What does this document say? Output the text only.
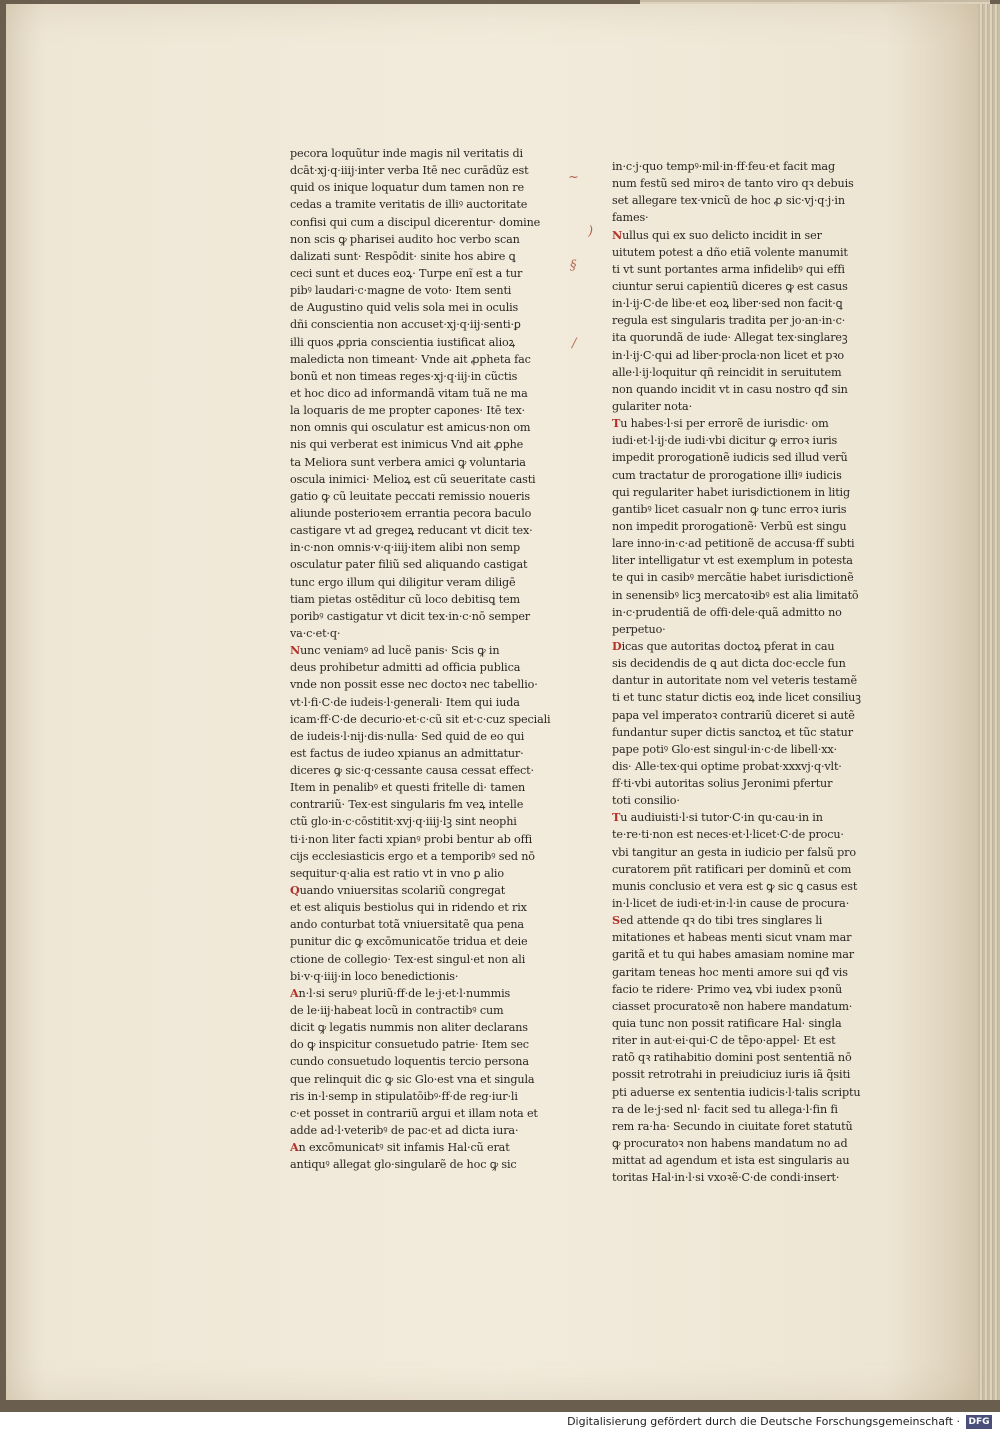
~
)
§
/
pecora loquũtur inde magis nil veritatis di
dcāt·xj·q·iiij·inter verba Itē nec curādũz est
quid os inique loquatur dum tamen non re
cedas a tramite veritatis de illiꝰ auctoritate
confisi qui cum a discipul dicerentur· domine
non scis ꝙ pharisei audito hoc verbo scan
dalizati sunt· Respōdit· sinite hos abire ꝗ
ceci sunt et duces eoꝝ· Turpe enĩ est a tur
pibꝰ laudari·c·magne de voto· Item senti
de Augustino quid velis sola mei in oculis
dñi conscientia non accuset·xj·q·iij·senti·ꝑ
illi quos ꝓpria conscientia iustificat alioꝝ
maledicta non timeant· Vnde ait ꝓpheta fac
bonũ et non timeas reges·xj·q·iij·in cũctis
et hoc dico ad informandã vitam tuã ne ma
la loquaris de me propter capones· Itē tex·
non omnis qui osculatur est amicus·non om
nis qui verberat est inimicus Vnd ait ꝓphe
ta Meliora sunt verbera amici ꝙ voluntaria
oscula inimici· Melioꝝ est cũ seueritate casti
gatio ꝙ cũ leuitate peccati remissio noueris
aliunde posterioꝛem errantia pecora baculo
castigare vt ad gregeꝝ reducant vt dicit tex·
in·c·non omnis·v·q·iiij·item alibi non semp
osculatur pater filiũ sed aliquando castigat
tunc ergo illum qui diligitur veram diligē
tiam pietas ostēditur cũ loco debitisꝗ tem
poribꝰ castigatur vt dicit tex·in·c·nō semper
va·c·et·q·
Nunc veniamꝰ ad lucẽ panis· Scis ꝙ in
deus prohibetur admitti ad officia publica
vnde non possit esse nec doctoꝛ nec tabellio·
vt·l·fi·C·de iudeis·l·generali· Item qui iuda
icam·ff·C·de decurio·et·c·cũ sit et·c·cuz speciali
de iudeis·l·nij·dis·nulla· Sed quid de eo qui
est factus de iudeo xpianus an admittatur·
diceres ꝙ sic·q·cessante causa cessat effect·
Item in penalibꝰ et questi fritelle di· tamen
contrariũ· Tex·est singularis fm veꝝ intelle
ctũ glo·in·c·cōstitit·xvj·q·iiij·lꝫ sint neophi
ti·i·non liter facti xpianꝰ probi bentur ab offi
cijs ecclesiasticis ergo et a temporibꝰ sed nō
sequitur·q·alia est ratio vt in vno ꝑ alio
Quando vniuersitas scolariũ congregat
et est aliquis bestiolus qui in ridendo et rix
ando conturbat totã vniuersitatẽ qua pena
punitur dic ꝙ excōmunicatõe tridua et deie
ctione de collegio· Tex·est singul·et non ali
bi·v·q·iiij·in loco benedictionis·
An·l·si seruꝰ pluriũ·ff·de le·j·et·l·nummis
de le·iij·habeat locũ in contractibꝰ cum
dicit ꝙ legatis nummis non aliter declarans
do ꝙ inspicitur consuetudo patrie· Item sec
cundo consuetudo loquentis tercio persona
que relinquit dic ꝙ sic Glo·est vna et singula
ris in·l·semp in stipulatōibꝰ·ff·de reg·iur·li
c·et posset in contrariũ argui et illam nota et
adde ad·l·veteribꝰ de pac·et ad dicta iura·
An excōmunicatꝰ sit infamis Hal·cũ erat
antiquꝰ allegat glo·singularẽ de hoc ꝙ sic
in·c·j·quo tempꝰ·mil·in·ff·feu·et facit mag
num festũ sed miroꝛ de tanto viro qꝛ debuis
set allegare tex·vnicũ de hoc ꝓ sic·vj·q·j·in
fames·
Nullus qui ex suo delicto incidit in ser
uitutem potest a dño etiã volente manumit
ti vt sunt portantes arma infidelibꝰ qui effi
ciuntur serui capientiũ diceres ꝙ est casus
in·l·ij·C·de libe·et eoꝝ liber·sed non facit·ꝗ
regula est singularis tradita per jo·an·in·c·
ita quorundã de iude· Allegat tex·singlareꝫ
in·l·ij·C·qui ad liber·procla·non licet et pꝛo
alle·l·ij·loquitur qñ reincidit in seruitutem
non quando incidit vt in casu nostro qđ sin
gulariter nota·
Tu habes·l·si per errorẽ de iurisdic· om
iudi·et·l·ij·de iudi·vbi dicitur ꝙ erroꝛ iuris
impedit prorogationẽ iudicis sed illud verũ
cum tractatur de prorogatione illiꝰ iudicis
qui regulariter habet iurisdictionem in litig
gantibꝰ licet casualr non ꝙ tunc erroꝛ iuris
non impedit prorogationẽ· Verbũ est singu
lare inno·in·c·ad petitionẽ de accusa·ff subti
liter intelligatur vt est exemplum in potesta
te qui in casibꝰ mercãtie habet iurisdictionẽ
in senensibꝰ licꝫ mercatoꝛibꝰ est alia limitatõ
in·c·prudentiã de offi·dele·quã admitto no
perpetuo·
Dicas que autoritas doctoꝝ pferat in cau
sis decidendis de ꝗ aut dicta doc·eccle fun
dantur in autoritate nom vel veteris testamẽ
ti et tunc statur dictis eoꝝ inde licet consiliuꝫ
papa vel imperatoꝛ contrariũ diceret si autẽ
fundantur super dictis sanctoꝝ et tũc statur
pape potiꝰ Glo·est singul·in·c·de libell·xx·
dis· Alle·tex·qui optime probat·xxxvj·q·vlt·
ff·ti·vbi autoritas solius Jeronimi pfertur
toti consilio·
Tu audiuisti·l·si tutor·C·in qu·cau·in in
te·re·ti·non est neces·et·l·licet·C·de procu·
vbi tangitur an gesta in iudicio per falsũ pro
curatorem pñt ratificari per dominũ et com
munis conclusio et vera est ꝙ sic ꝗ casus est
in·l·licet de iudi·et·in·l·in cause de procura·
Sed attende qꝛ do tibi tres singlares li
mitationes et habeas menti sicut vnam mar
garitã et tu qui habes amasiam nomine mar
garitam teneas hoc menti amore sui qđ vis
facio te ridere· Primo veꝝ vbi iudex pꝛonũ
ciasset procuratoꝛẽ non habere mandatum·
quia tunc non possit ratificare Hal· singla
riter in aut·ei·qui·C de tēpo·appel· Et est
ratõ qꝛ ratihabitio domini post sententiã nō
possit retrotrahi in preiudiciuz iuris iã q̃siti
pti aduerse ex sententia iudicis·l·talis scriptu
ra de le·j·sed nl· facit sed tu allega·l·fin fi
rem ra·ha· Secundo in ciuitate foret statutũ
ꝙ procuratoꝛ non habens mandatum no ad
mittat ad agendum et ista est singularis au
toritas Hal·in·l·si vxoꝛẽ·C·de condi·insert·
Digitalisierung gefördert durch die Deutsche Forschungsgemeinschaft · DFG
